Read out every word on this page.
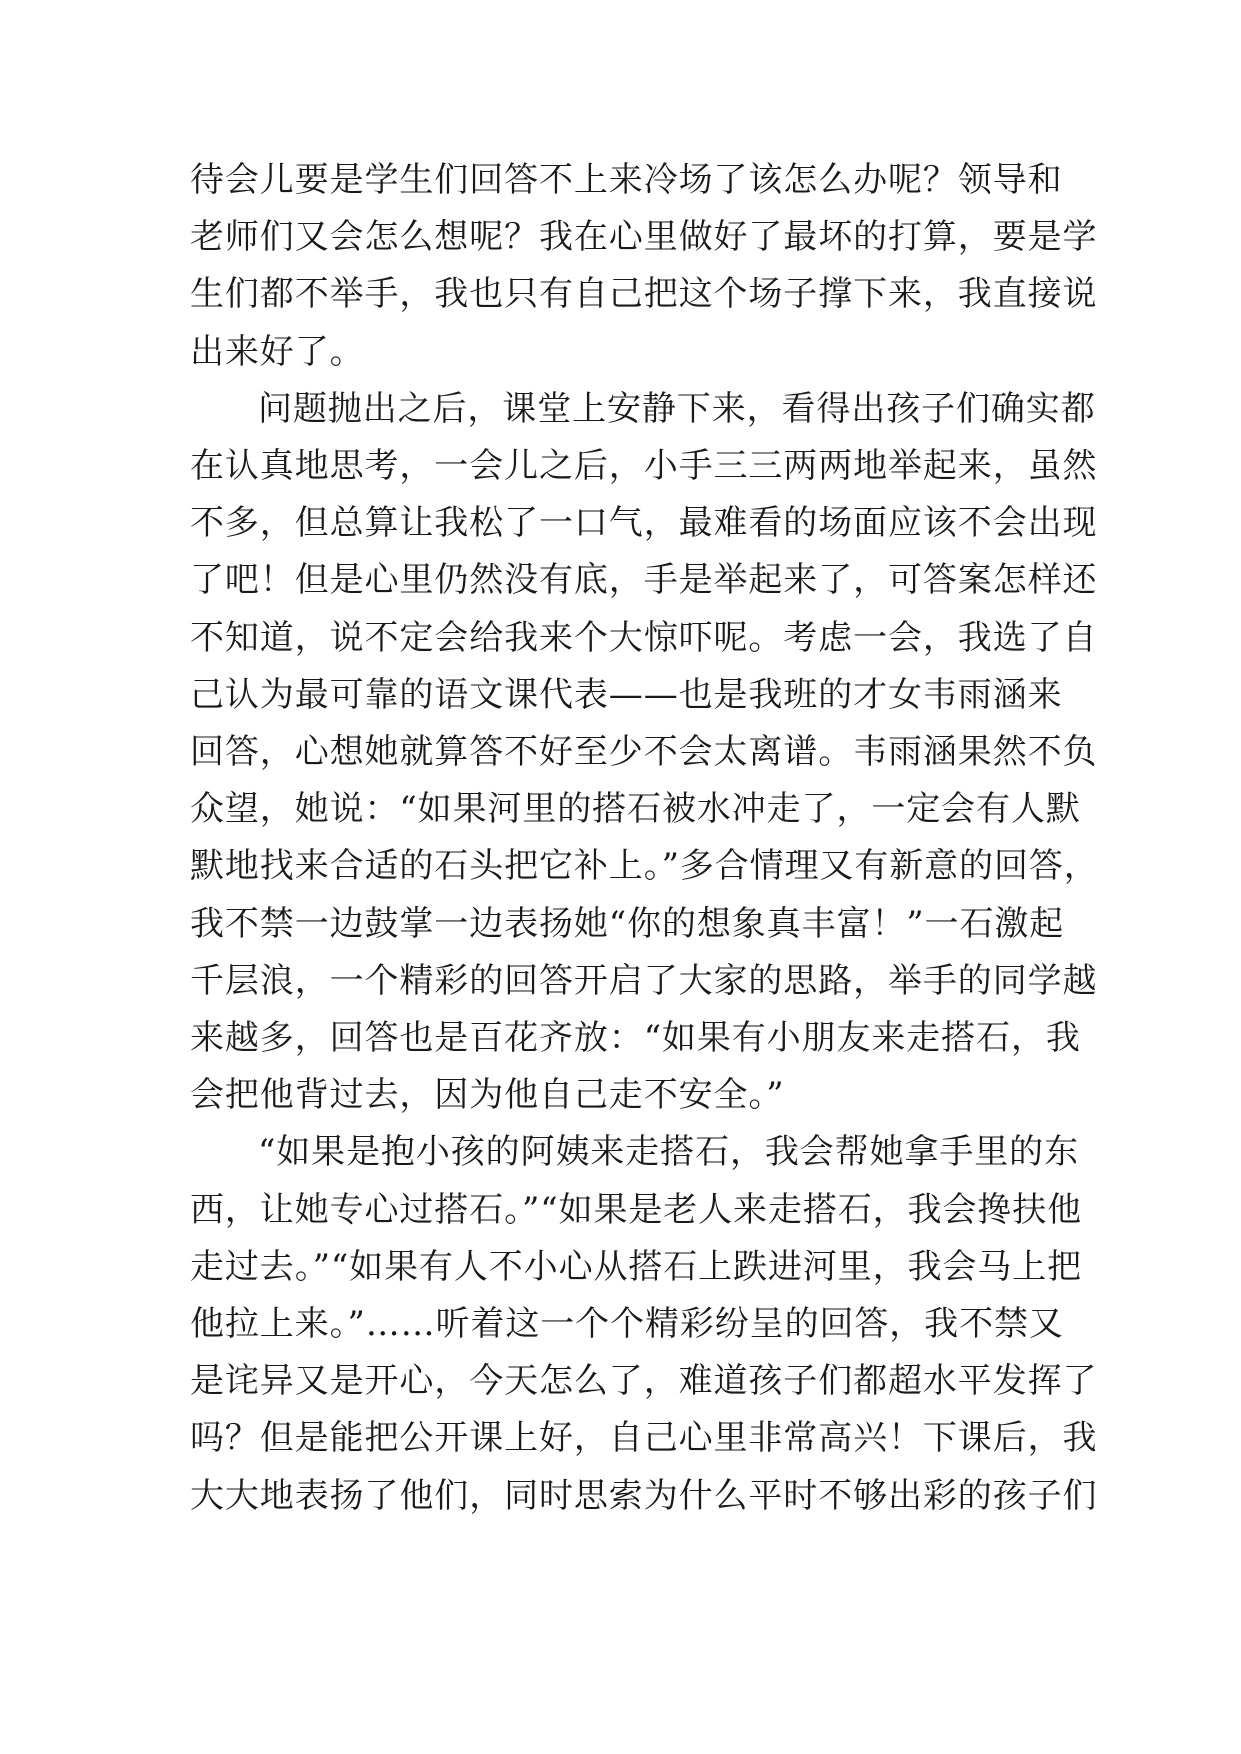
待会儿要是学生们回答不上来冷场了该怎么办呢？领导和
老师们又会怎么想呢？我在心里做好了最坏的打算，要是学
生们都不举手，我也只有自己把这个场子撑下来，我直接说
出来好了。

问题抛出之后，课堂上安静下来，看得出孩子们确实都
在认真地思考，一会儿之后，小手三三两两地举起来，虽然
不多，但总算让我松了一口气，最难看的场面应该不会出现
了吧！但是心里仍然没有底，手是举起来了，可答案怎样还
不知道，说不定会给我来个大惊吓呢。考虑一会，我选了自
己认为最可靠的语文课代表——也是我班的才女韦雨涵来
回答，心想她就算答不好至少不会太离谱。韦雨涵果然不负
众望，她说：“如果河里的搭石被水冲走了，一定会有人默
默地找来合适的石头把它补上。”多合情理又有新意的回答，
我不禁一边鼓掌一边表扬她“你的想象真丰富！”一石激起
千层浪，一个精彩的回答开启了大家的思路，举手的同学越
来越多，回答也是百花齐放：“如果有小朋友来走搭石，我
会把他背过去，因为他自己走不安全。”

“如果是抱小孩的阿姨来走搭石，我会帮她拿手里的东
西，让她专心过搭石。”“如果是老人来走搭石，我会搀扶他
走过去。”“如果有人不小心从搭石上跌进河里，我会马上把
他拉上来。”……听着这一个个精彩纷呈的回答，我不禁又
是诧异又是开心，今天怎么了，难道孩子们都超水平发挥了
吗？但是能把公开课上好，自己心里非常高兴！下课后，我
大大地表扬了他们，同时思索为什么平时不够出彩的孩子们
